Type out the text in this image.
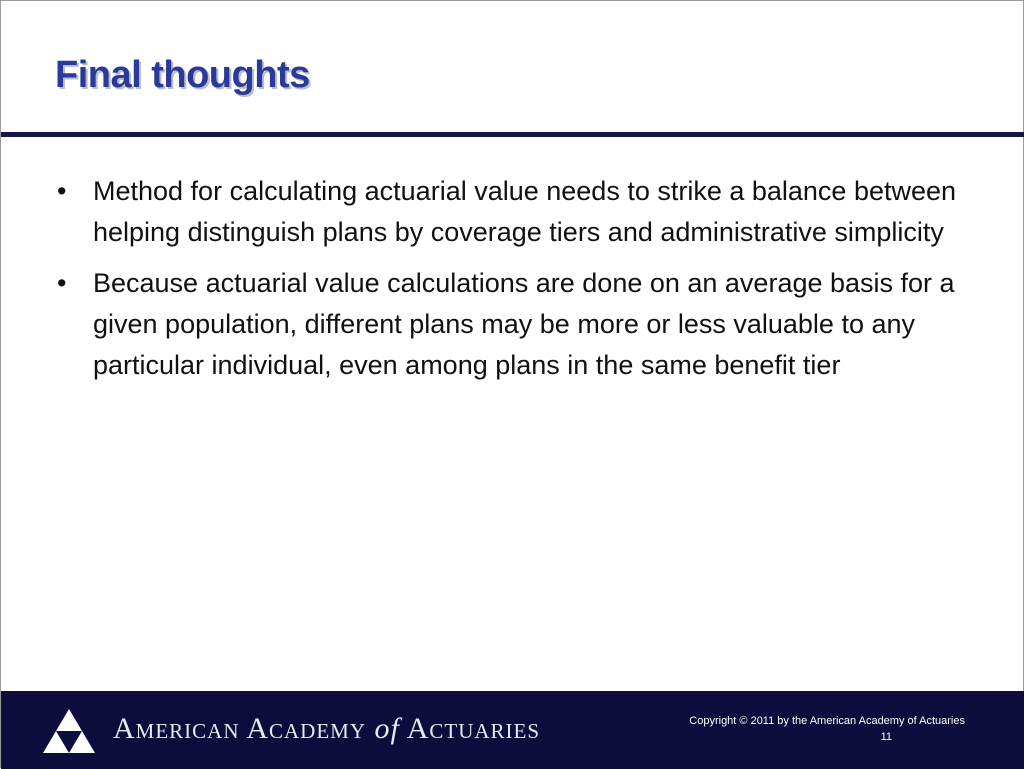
Final thoughts
• Method for calculating actuarial value needs to strike a balance between helping distinguish plans by coverage tiers and administrative simplicity
• Because actuarial value calculations are done on an average basis for a given population, different plans may be more or less valuable to any particular individual, even among plans in the same benefit tier
American Academy of Actuaries	Copyright © 2011 by the American Academy of Actuaries
11
